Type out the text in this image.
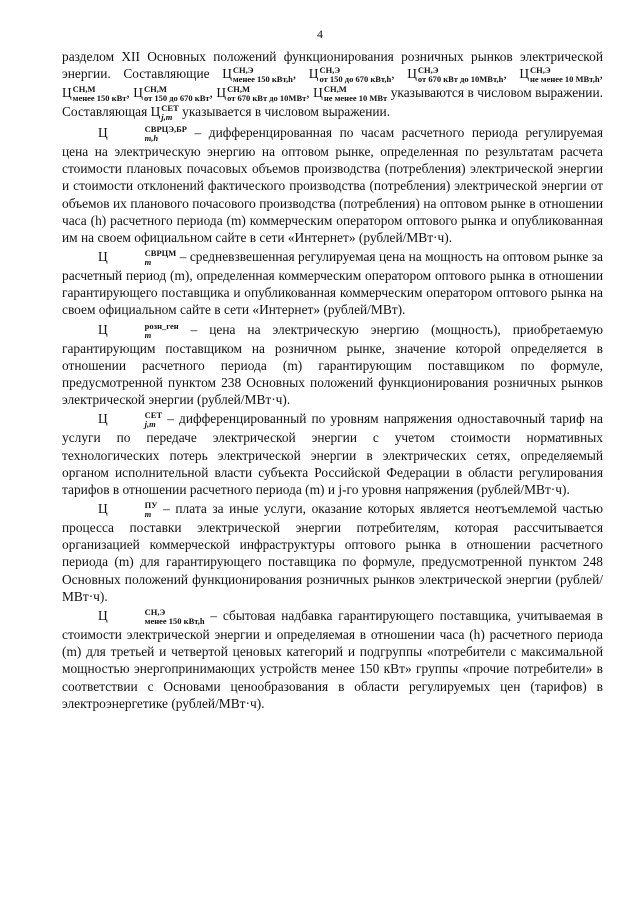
4

разделом XII Основных положений функционирования розничных рынков электрической энергии. Составляющие Ц СН,Э
менее 150 кВт,h , Ц СН,Э
от 150 до 670 кВт,h , Ц СН,Э
от 670 кВт до 10МВт,h , Ц СН,Э
не менее 10 МВт,h , Ц СН,М
менее 150 кВт , Ц СН,М
от 150 до 670 кВт , Ц СН,М
от 670 кВт до 10МВт , Ц СН,М
не менее 10 МВт указываются в числовом выражении. Составляющая Ц СЕТ
j,m указывается в числовом выражении.

Ц	СВРЦЭ,БР
m,h	– дифференцированная по часам расчетного периода регулируемая цена на электрическую энергию на оптовом рынке, определенная по результатам расчета стоимости плановых почасовых объемов производства (потребления) электрической энергии и стоимости отклонений фактического производства (потребления) электрической энергии от объемов их планового почасового производства (потребления) на оптовом рынке в отношении часа (h) расчетного периода (m) коммерческим оператором оптового рынка и опубликованная им на своем официальном сайте в сети «Интернет» (рублей/МВт·ч).

Ц	СВРЦМ
m	– средневзвешенная регулируемая цена на мощность на оптовом рынке за расчетный период (m), определенная коммерческим оператором оптового рынка в отношении гарантирующего поставщика и опубликованная коммерческим оператором оптового рынка на своем официальном сайте в сети «Интернет» (рублей/МВт).

Ц	розн_ген
m	– цена на электрическую энергию (мощность), приобретаемую гарантирующим поставщиком на розничном рынке, значение которой определяется в отношении расчетного периода (m) гарантирующим поставщиком по формуле, предусмотренной пунктом 238 Основных положений функционирования розничных рынков электрической энергии (рублей/МВт·ч).

Ц	СЕТ
j,m – дифференцированный по уровням напряжения одноставочный тариф на услуги по передаче электрической энергии с учетом стоимости нормативных технологических потерь электрической энергии в электрических сетях, определяемый органом исполнительной власти субъекта Российской Федерации в области регулирования тарифов в отношении расчетного периода (m) и j-го уровня напряжения (рублей/МВт·ч).

Ц	ПУ
m – плата за иные услуги, оказание которых является неотъемлемой частью процесса поставки электрической энергии потребителям, которая рассчитывается организацией коммерческой инфраструктуры оптового рынка в отношении расчетного периода (m) для гарантирующего поставщика по формуле, предусмотренной пунктом 248 Основных положений функционирования розничных рынков электрической энергии (рублей/МВт·ч).

Ц	СН,Э
менее 150 кВт,h – сбытовая надбавка гарантирующего поставщика, учитываемая в стоимости электрической энергии и определяемая в отношении часа (h) расчетного периода (m) для третьей и четвертой ценовых категорий и подгруппы «потребители с максимальной мощностью энергопринимающих устройств менее 150 кВт» группы «прочие потребители» в соответствии с Основами ценообразования в области регулируемых цен (тарифов) в электроэнергетике (рублей/МВт·ч).
